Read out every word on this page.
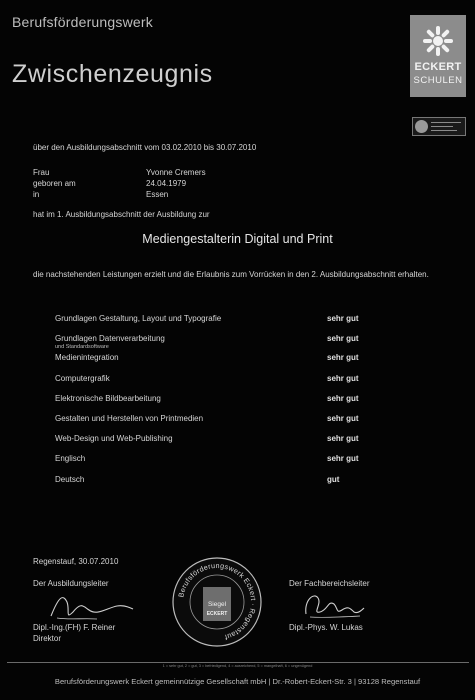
Berufsförderungswerk
Zwischenzeugnis	ECKERT
SCHULEN
über den Ausbildungsabschnitt vom 03.02.2010 bis 30.07.2010
Frau	Yvonne Cremers
geboren am	24.04.1979
in	Essen
hat im 1. Ausbildungsabschnitt der Ausbildung zur
Mediengestalterin Digital und Print
die nachstehenden Leistungen erzielt und die Erlaubnis zum Vorrücken in den 2. Ausbildungsabschnitt erhalten.
Grundlagen Gestaltung, Layout und Typografie	sehr gut
Grundlagen Datenverarbeitung
und Standardsoftware
sehr gut
Medienintegration	sehr gut
Computergrafik	sehr gut
Elektronische Bildbearbeitung	sehr gut
Gestalten und Herstellen von Printmedien	sehr gut
Web-Design und Web-Publishing	sehr gut
Englisch	sehr gut
Deutsch	gut
Regenstauf, 30.07.2010
Der Ausbildungsleiter	Der Fachbereichsleiter
Dipl.-Ing.(FH) F. Reiner
Direktor
Dipl.-Phys. W. Lukas
Berufsförderungswerk Eckert · Regenstauf
Siegel
ECKERT
1 = sehr gut, 2 = gut, 3 = befriedigend, 4 = ausreichend, 5 = mangelhaft, 6 = ungenügend
Berufsförderungswerk Eckert gemeinnützige Gesellschaft mbH | Dr.-Robert-Eckert-Str. 3 | 93128 Regenstauf
